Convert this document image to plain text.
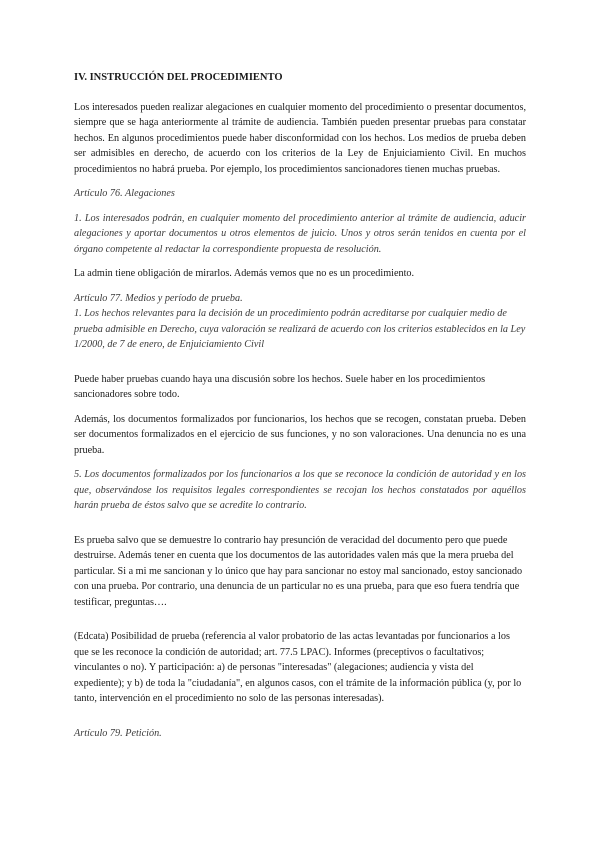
IV. INSTRUCCIÓN DEL PROCEDIMIENTO

Los interesados pueden realizar alegaciones en cualquier momento del procedimiento o presentar documentos, siempre que se haga anteriormente al trámite de audiencia. También pueden presentar pruebas para constatar hechos. En algunos procedimientos puede haber disconformidad con los hechos. Los medios de prueba deben ser admisibles en derecho, de acuerdo con los criterios de la Ley de Enjuiciamiento Civil. En muchos procedimientos no habrá prueba. Por ejemplo, los procedimientos sancionadores tienen muchas pruebas.

Artículo 76. Alegaciones

1. Los interesados podrán, en cualquier momento del procedimiento anterior al trámite de audiencia, aducir alegaciones y aportar documentos u otros elementos de juicio. Unos y otros serán tenidos en cuenta por el órgano competente al redactar la correspondiente propuesta de resolución.

La admin tiene obligación de mirarlos. Además vemos que no es un procedimiento.

Artículo 77. Medios y período de prueba.

1. Los hechos relevantes para la decisión de un procedimiento podrán acreditarse por cualquier medio de prueba admisible en Derecho, cuya valoración se realizará de acuerdo con los criterios establecidos en la Ley 1/2000, de 7 de enero, de Enjuiciamiento Civil

Puede haber pruebas cuando haya una discusión sobre los hechos. Suele haber en los procedimientos sancionadores sobre todo.

Además, los documentos formalizados por funcionarios, los hechos que se recogen, constatan prueba. Deben ser documentos formalizados en el ejercicio de sus funciones, y no son valoraciones. Una denuncia no es una prueba.

5. Los documentos formalizados por los funcionarios a los que se reconoce la condición de autoridad y en los que, observándose los requisitos legales correspondientes se recojan los hechos constatados por aquéllos harán prueba de éstos salvo que se acredite lo contrario.

Es prueba salvo que se demuestre lo contrario hay presunción de veracidad del documento pero que puede destruirse. Además tener en cuenta que los documentos de las autoridades valen más que la mera prueba del particular. Si a mi me sancionan y lo único que hay para sancionar no estoy mal sancionado, estoy sancionado con una prueba. Por contrario, una denuncia de un particular no es una prueba, para que eso fuera tendría que testificar, preguntas….

(Edcata) Posibilidad de prueba (referencia al valor probatorio de las actas levantadas por funcionarios a los que se les reconoce la condición de autoridad; art. 77.5 LPAC). Informes (preceptivos o facultativos; vinculantes o no). Y participación: a) de personas "interesadas" (alegaciones; audiencia y vista del expediente); y b) de toda la "ciudadanía", en algunos casos, con el trámite de la información pública (y, por lo tanto, intervención en el procedimiento no solo de las personas interesadas).

Artículo 79. Petición.
